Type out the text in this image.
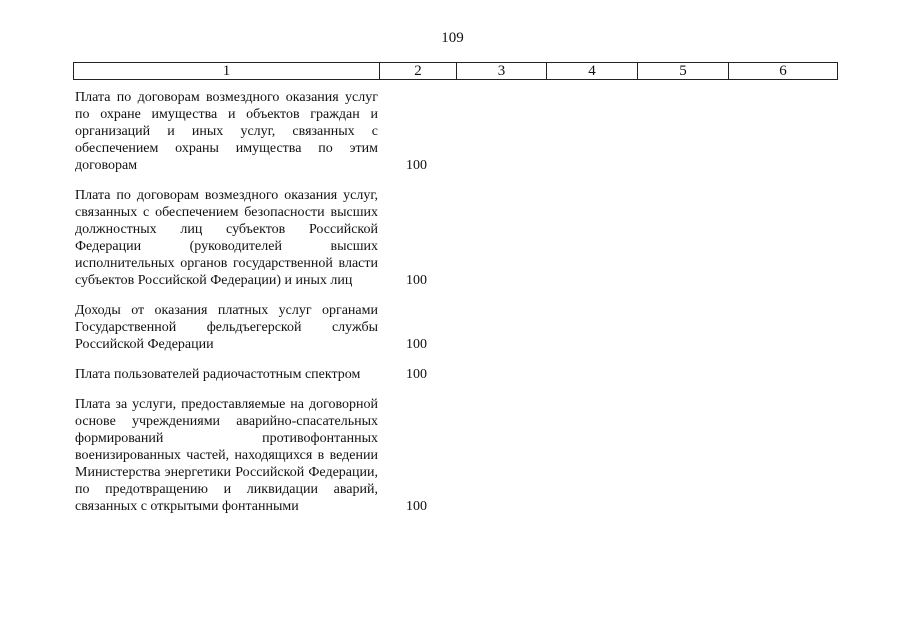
109
1	2	3	4	5	6
Плата по договорам возмездного оказания услуг по охране имущества и объектов граждан и организаций и иных услуг, связанных с обеспечением охраны имущества по этим договорам	100
Плата по договорам возмездного оказания услуг, связанных с обеспечением безопасности высших должностных лиц субъектов Российской Федерации (руководителей высших исполнительных органов государственной власти субъектов Российской Федерации) и иных лиц	100
Доходы от оказания платных услуг органами Государственной фельдъегерской службы Российской Федерации	100
Плата пользователей радиочастотным спектром	100
Плата за услуги, предоставляемые на договорной основе учреждениями аварийно-спасательных формирований противофонтанных военизированных частей, находящихся в ведении Министерства энергетики Российской Федерации, по предотвращению и ликвидации аварий, связанных с открытыми фонтанными	100
